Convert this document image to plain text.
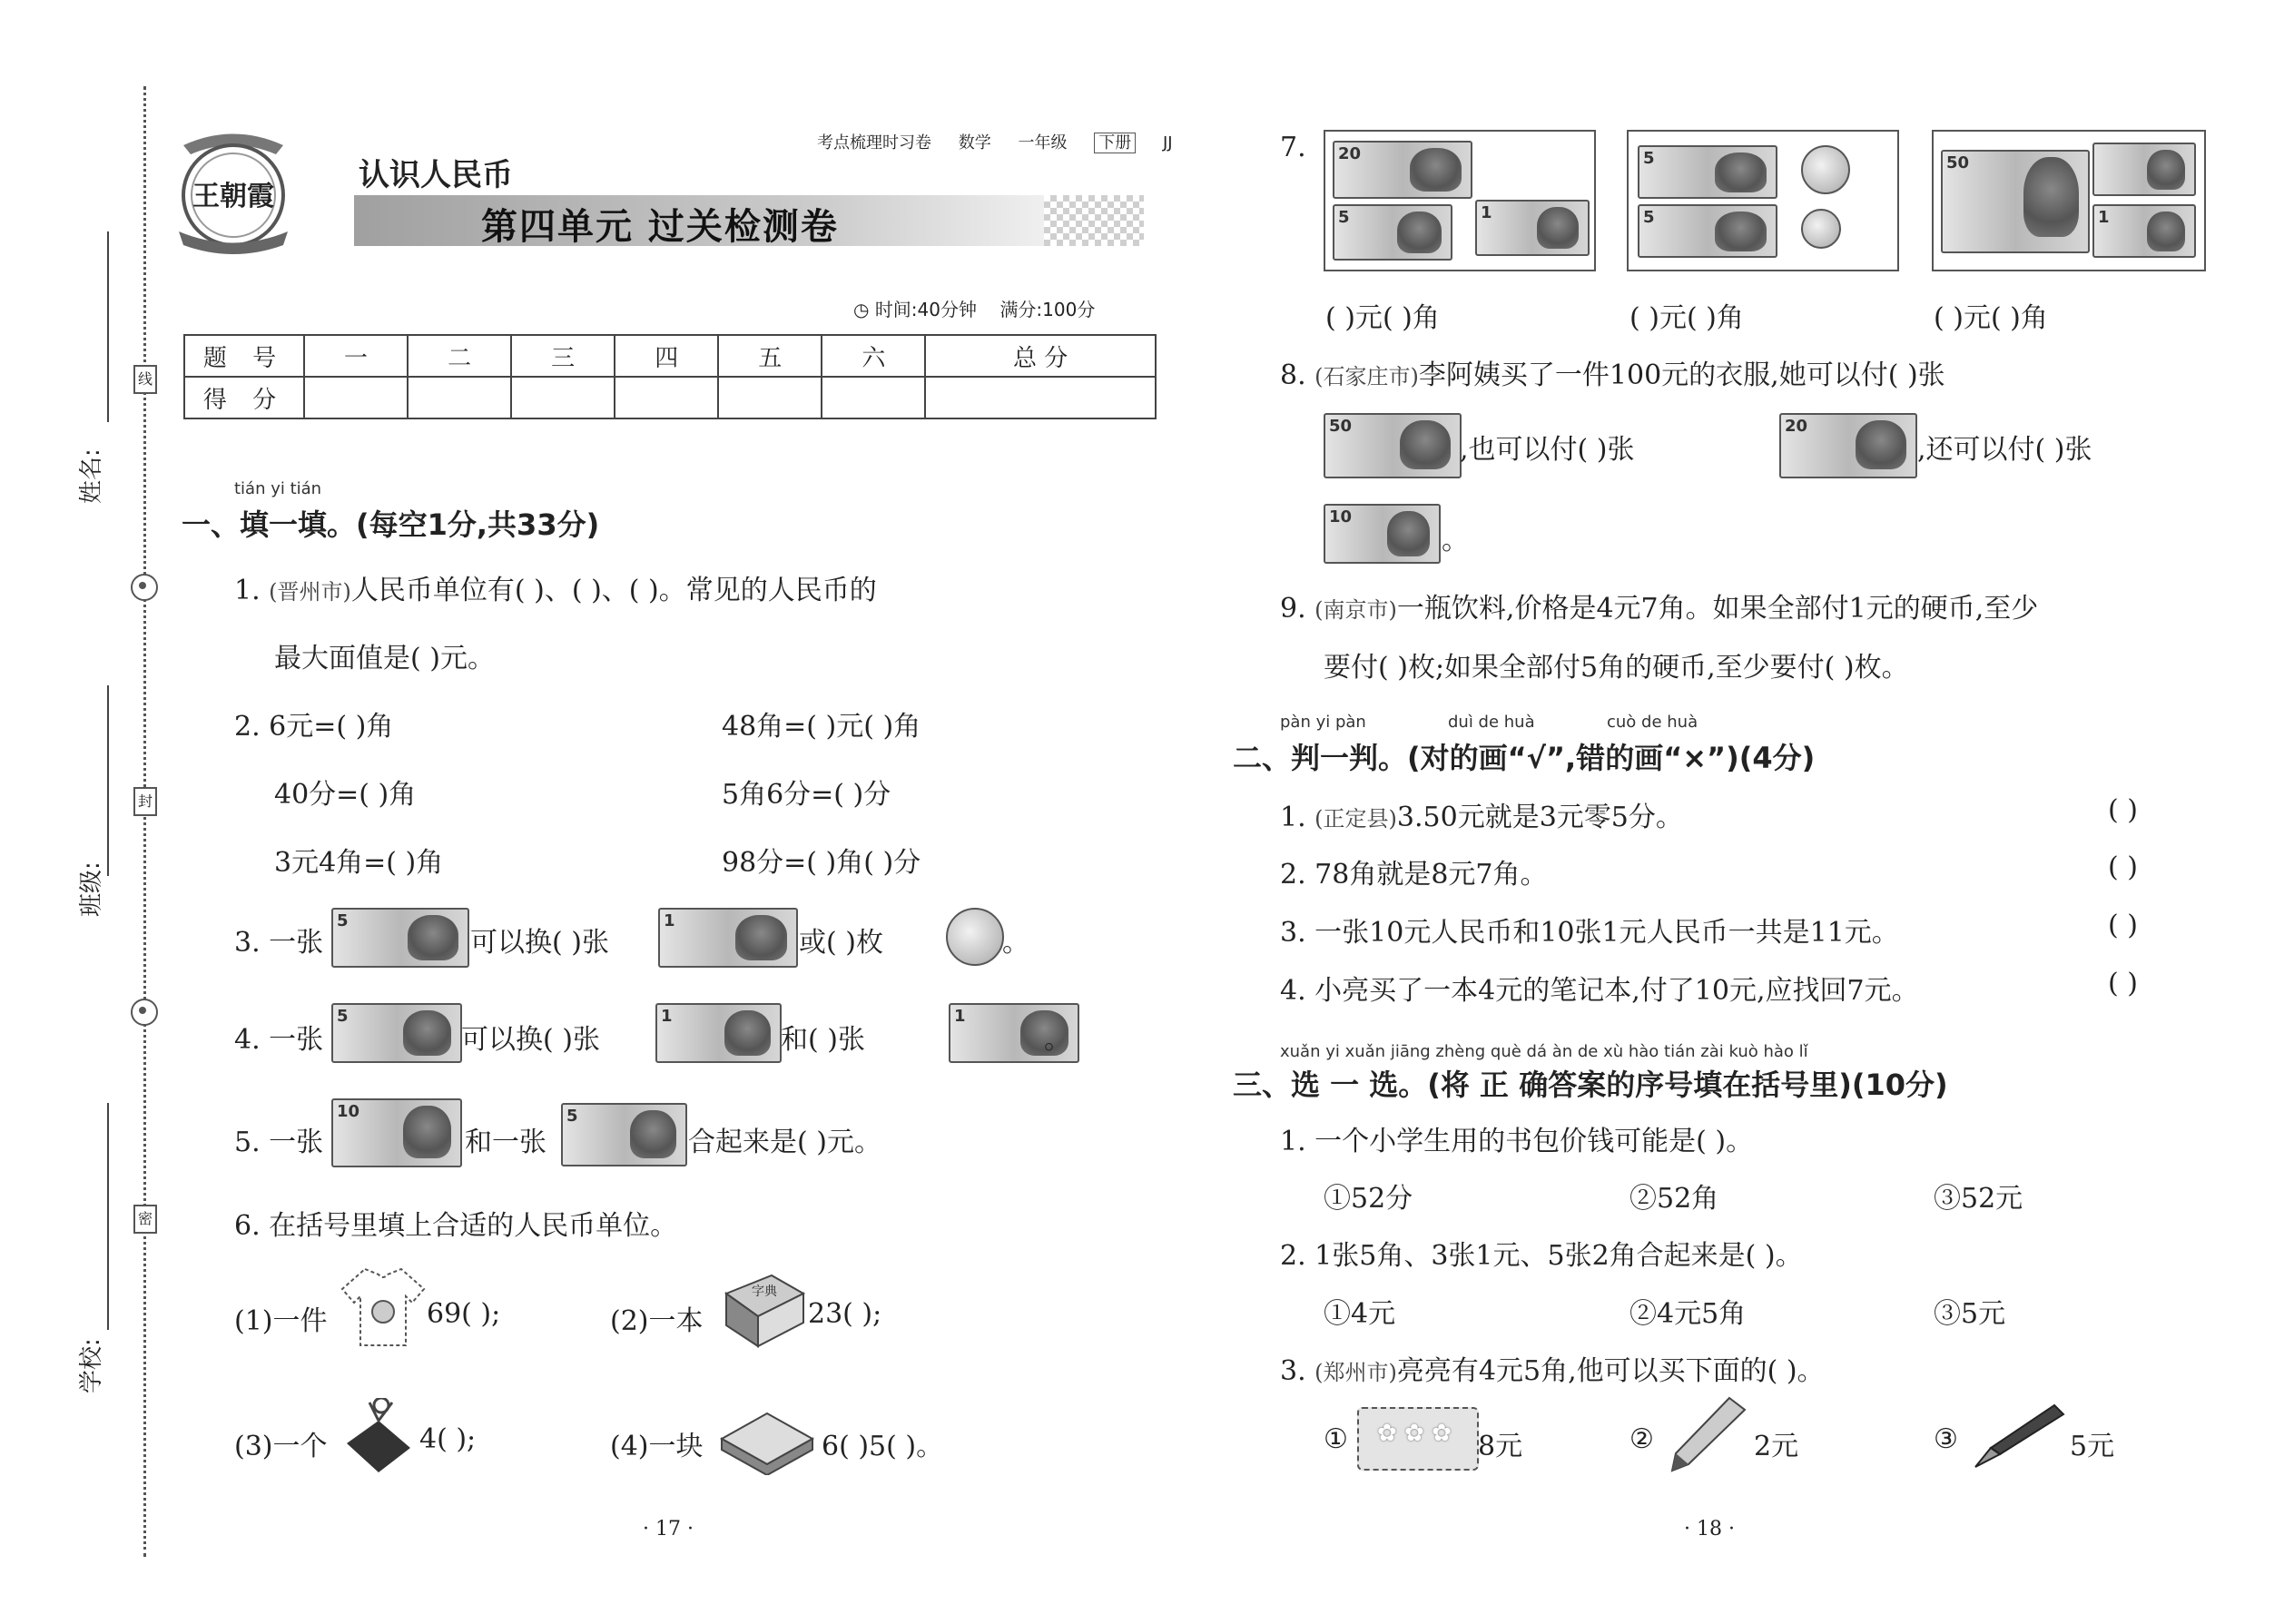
线
封
密
姓名:
班级:
学校:
王朝霞
认识人民币
考点梳理时习卷 数学 一年级 下册 JJ
第四单元 过关检测卷
◷ 时间:40分钟 满分:100分
题 号	一	二	三	四	五	六	总 分
得 分							
tián yi tián
一、填一填。(每空1分,共33分)
1. (晋州市)人民币单位有( )、( )、( )。常见的人民币的
最大面值是( )元。
2. 6元=( )角	48角=( )元( )角
40分=( )角	5角6分=( )分
3元4角=( )角	98分=( )角( )分
3. 一张
5
可以换( )张
1
或( )枚	。
4. 一张
5
可以换( )张
1
和( )张
1
。
5. 一张
10
和一张
5
合起来是( )元。
6. 在括号里填上合适的人民币单位。
(1)一件	69( );	(2)一本
字典
23( );
(3)一个	4( );	(4)一块	6( )5( )。
· 17 ·
7. 20
5	1
5
5
50
1
( )元( )角	( )元( )角	( )元( )角
8. (石家庄市)李阿姨买了一件100元的衣服,她可以付( )张
50
,也可以付( )张
20
,还可以付( )张
10
。
9. (南京市)一瓶饮料,价格是4元7角。如果全部付1元的硬币,至少
要付( )枚;如果全部付5角的硬币,至少要付( )枚。
pàn yi pàn	duì de huà	cuò de huà
二、判一判。(对的画“√”,错的画“×”)(4分)
1. (正定县)3.50元就是3元零5分。	( )
2. 78角就是8元7角。	( )
3. 一张10元人民币和10张1元人民币一共是11元。	( )
4. 小亮买了一本4元的笔记本,付了10元,应找回7元。	( )
xuǎn yi xuǎn jiāng zhèng què dá àn de xù hào tián zài kuò hào lǐ
三、选 一 选。(将 正 确答案的序号填在括号里)(10分)
1. 一个小学生用的书包价钱可能是( )。
①52分	②52角	③52元
2. 1张5角、3张1元、5张2角合起来是( )。
①4元	②4元5角	③5元
3. (郑州市)亮亮有4元5角,他可以买下面的( )。
① ✿ ✿ ✿ 8元	②	2元	③	5元
· 18 ·
